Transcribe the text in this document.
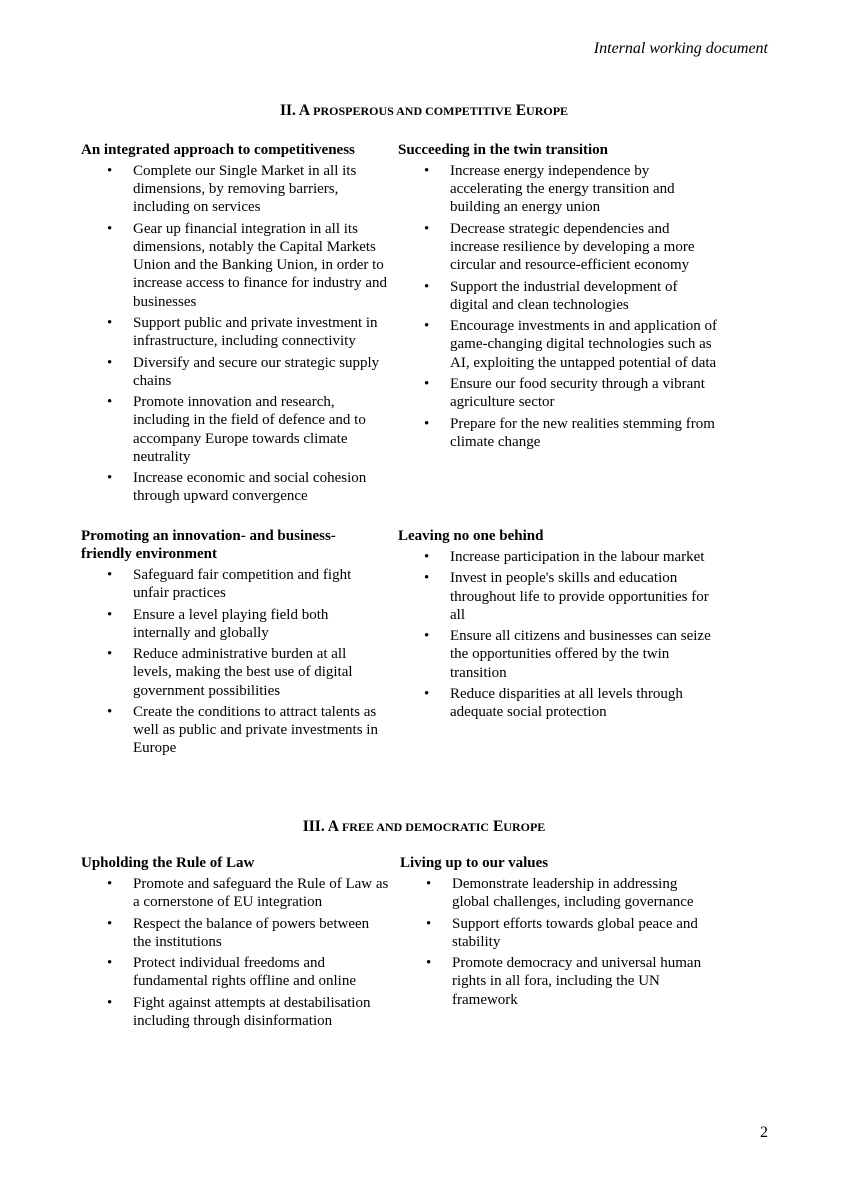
Internal working document
II. A PROSPEROUS AND COMPETITIVE EUROPE
An integrated approach to competitiveness
• Complete our Single Market in all its dimensions, by removing barriers, including on services
• Gear up financial integration in all its dimensions, notably the Capital Markets Union and the Banking Union, in order to increase access to finance for industry and businesses
• Support public and private investment in infrastructure, including connectivity
• Diversify and secure our strategic supply chains
• Promote innovation and research, including in the field of defence and to accompany Europe towards climate neutrality
• Increase economic and social cohesion through upward convergence
Succeeding in the twin transition
• Increase energy independence by accelerating the energy transition and building an energy union
• Decrease strategic dependencies and increase resilience by developing a more circular and resource-efficient economy
• Support the industrial development of digital and clean technologies
• Encourage investments in and application of game-changing digital technologies such as AI, exploiting the untapped potential of data
• Ensure our food security through a vibrant agriculture sector
• Prepare for the new realities stemming from climate change
Promoting an innovation- and business-friendly environment
• Safeguard fair competition and fight unfair practices
• Ensure a level playing field both internally and globally
• Reduce administrative burden at all levels, making the best use of digital government possibilities
• Create the conditions to attract talents as well as public and private investments in Europe
Leaving no one behind
• Increase participation in the labour market
• Invest in people's skills and education throughout life to provide opportunities for all
• Ensure all citizens and businesses can seize the opportunities offered by the twin transition
• Reduce disparities at all levels through adequate social protection
III. A FREE AND DEMOCRATIC EUROPE
Upholding the Rule of Law
• Promote and safeguard the Rule of Law as a cornerstone of EU integration
• Respect the balance of powers between the institutions
• Protect individual freedoms and fundamental rights offline and online
• Fight against attempts at destabilisation including through disinformation
Living up to our values
• Demonstrate leadership in addressing global challenges, including governance
• Support efforts towards global peace and stability
• Promote democracy and universal human rights in all fora, including the UN framework
2
